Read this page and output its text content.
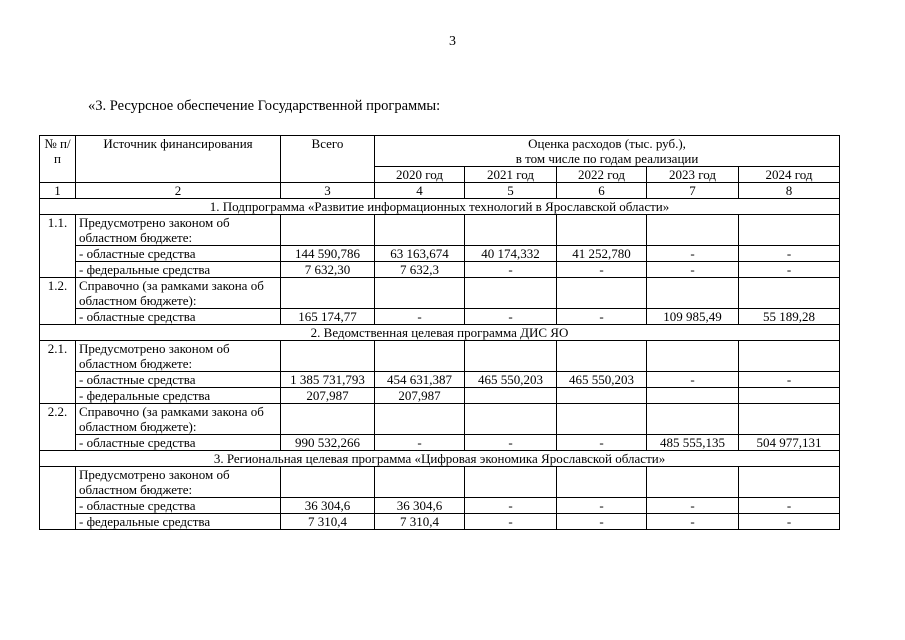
3
«3. Ресурсное обеспечение Государственной программы:
№ п/п	Источник финансирования	Всего	Оценка расходов (тыс. руб.),
в том числе по годам реализации				

			2020 год	2021 год	2022 год	2023 год	2024 год
1	2	3	4	5	6	7	8
1. Подпрограмма «Развитие информационных технологий в Ярославской области»							
1.1.	Предусмотрено законом об областном бюджете:						
	- областные средства	144 590,786	63 163,674	40 174,332	41 252,780	-	-
	- федеральные средства	7 632,30	7 632,3	-	-	-	-
1.2.	Справочно (за рамками закона об областном бюджете):						
	- областные средства	165 174,77	-	-	-	109 985,49	55 189,28
2. Ведомственная целевая программа ДИС ЯО							
2.1.	Предусмотрено законом об областном бюджете:						
	- областные средства	1 385 731,793	454 631,387	465 550,203	465 550,203	-	-
	- федеральные средства	207,987	207,987				
2.2.	Справочно (за рамками закона об областном бюджете):						
	- областные средства	990 532,266	-	-	-	485 555,135	504 977,131
3. Региональная целевая программа «Цифровая экономика Ярославской области»							
	Предусмотрено законом об областном бюджете:						
	- областные средства	36 304,6	36 304,6	-	-	-	-
	- федеральные средства	7 310,4	7 310,4	-	-	-	-
